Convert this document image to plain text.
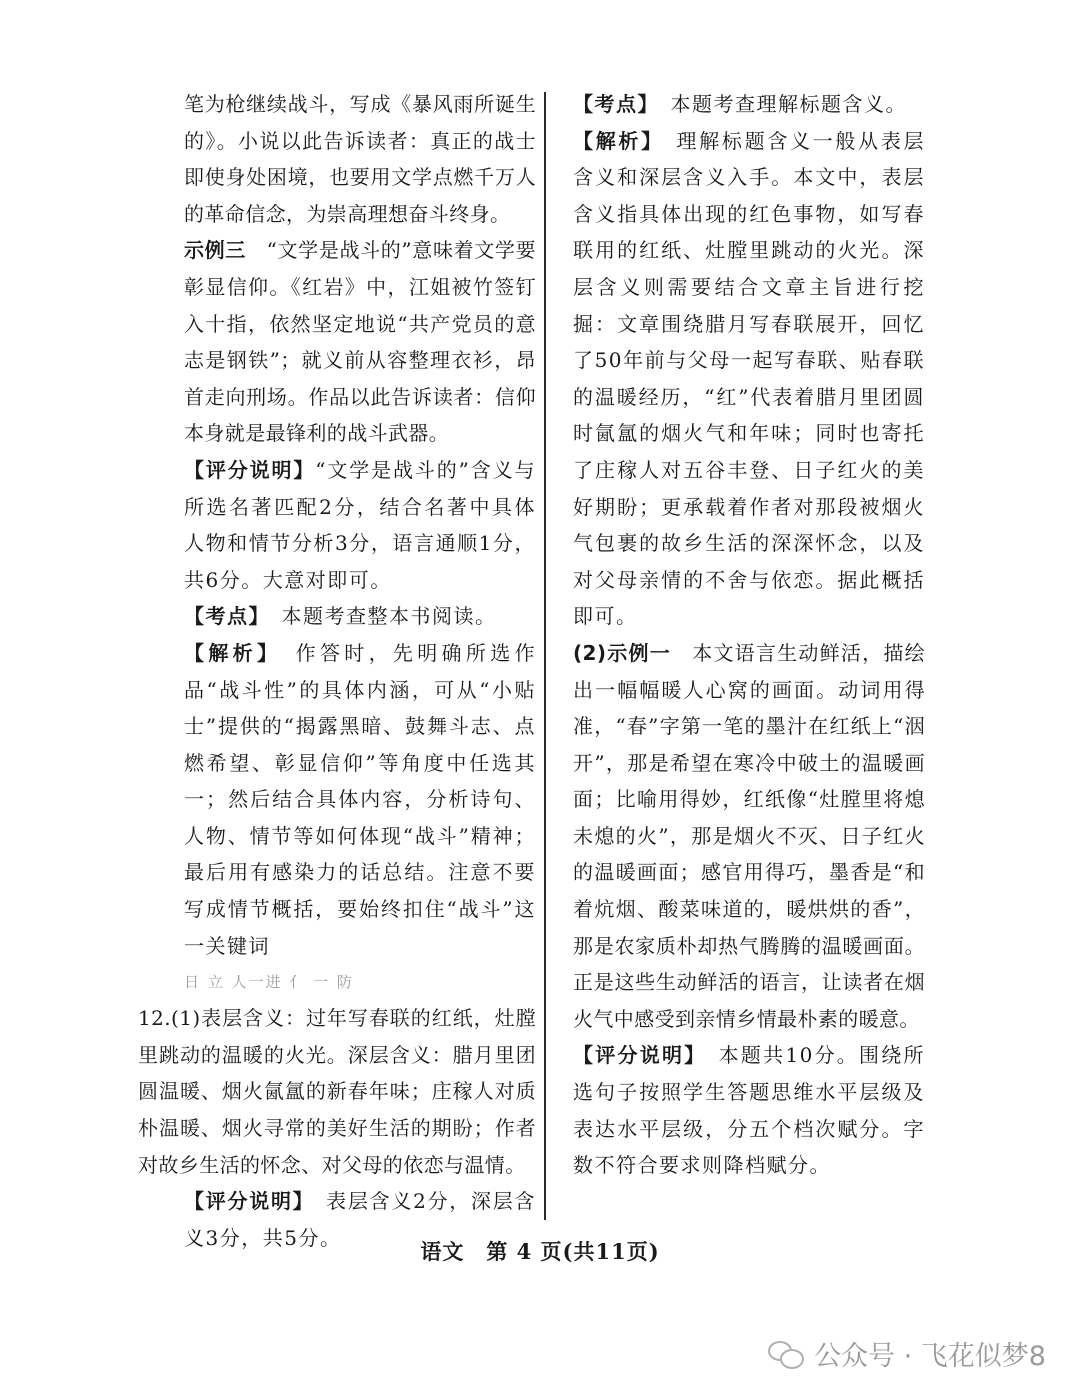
笔为枪继续战斗，写成《暴风雨所诞生的》。小说以此告诉读者：真正的战士即使身处困境，也要用文学点燃千万人的革命信念，为崇高理想奋斗终身。

示例三　 “文学是战斗的”意味着文学要彰显信仰。《红岩》中，江姐被竹签钉入十指，依然坚定地说“共产党员的意志是钢铁”；就义前从容整理衣衫，昂首走向刑场。作品以此告诉读者：信仰本身就是最锋利的战斗武器。

【评分说明】“文学是战斗的”含义与所选名著匹配2分，结合名著中具体人物和情节分析3分，语言通顺1分，共6分。大意对即可。

【考点】　 本题考查整本书阅读。

【解析】　 作答时，先明确所选作品“战斗性”的具体内涵，可从“小贴士”提供的“揭露黑暗、鼓舞斗志、点燃希望、彰显信仰”等角度中任选其一；然后结合具体内容，分析诗句、人物、情节等如何体现“战斗”精神；最后用有感染力的话总结。注意不要写成情节概括，要始终扣住“战斗”这一关键词

日 立 人一进 亻 一 防

12.(1)表层含义：过年写春联的红纸，灶膛里跳动的温暖的火光。深层含义：腊月里团圆温暖、烟火氤氲的新春年味；庄稼人对质朴温暖、烟火寻常的美好生活的期盼；作者对故乡生活的怀念、对父母的依恋与温情。

【评分说明】　 表层含义2分，深层含义3分，共5分。

【考点】　 本题考查理解标题含义。

【解析】　 理解标题含义一般从表层含义和深层含义入手。本文中，表层含义指具体出现的红色事物，如写春联用的红纸、灶膛里跳动的火光。深层含义则需要结合文章主旨进行挖掘：文章围绕腊月写春联展开，回忆了50年前与父母一起写春联、贴春联的温暖经历，“红”代表着腊月里团圆时氤氲的烟火气和年味；同时也寄托了庄稼人对五谷丰登、日子红火的美好期盼；更承载着作者对那段被烟火气包裹的故乡生活的深深怀念，以及对父母亲情的不舍与依恋。据此概括即可。

(2)示例一　 本文语言生动鲜活，描绘出一幅幅暖人心窝的画面。动词用得准，“春”字第一笔的墨汁在红纸上“洇开”，那是希望在寒冷中破土的温暖画面；比喻用得妙，红纸像“灶膛里将熄未熄的火”，那是烟火不灭、日子红火的温暖画面；感官用得巧，墨香是“和着炕烟、酸菜味道的，暖烘烘的香”，那是农家质朴却热气腾腾的温暖画面。正是这些生动鲜活的语言，让读者在烟火气中感受到亲情乡情最朴素的暖意。

【评分说明】　 本题共10分。围绕所选句子按照学生答题思维水平层级及表达水平层级，分五个档次赋分。字数不符合要求则降档赋分。

语文　第 4 页(共11页)
公众号 · 飞花似梦8
